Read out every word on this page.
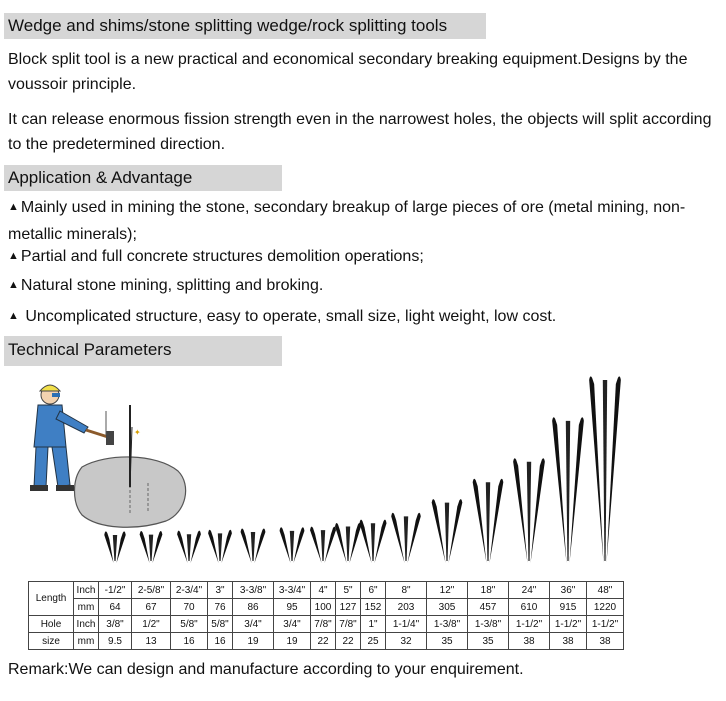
Wedge and shims/stone splitting wedge/rock splitting tools
Block split tool is a new practical and economical secondary breaking equipment.Designs by the voussoir principle.
It can release enormous fission strength even in the narrowest holes, the objects will split according to the predetermined direction.
Application & Advantage
▲ Mainly used in mining the stone, secondary breakup of large pieces of ore (metal mining, non-metallic minerals);
▲ Partial and full concrete structures demolition operations;
▲ Natural stone mining, splitting and broking.
▲ Uncomplicated structure, easy to operate, small size, light weight, low cost.
Technical Parameters
✦
Length	Inch	-1/2"	2-5/8"	2-3/4"	3"	3-3/8"	3-3/4"	4"	5"	6"	8"	12"	18"	24"	36"	48"
	mm	64	67	70	76	86	95	100	127	152	203	305	457	610	915	1220
Hole	Inch	3/8"	1/2"	5/8"	5/8"	3/4"	3/4"	7/8"	7/8"	1"	1-1/4"	1-3/8"	1-3/8"	1-1/2"	1-1/2"	1-1/2"
size	mm	9.5	13	16	16	19	19	22	22	25	32	35	35	38	38	38
Remark:We can design and manufacture according to your enquirement.
